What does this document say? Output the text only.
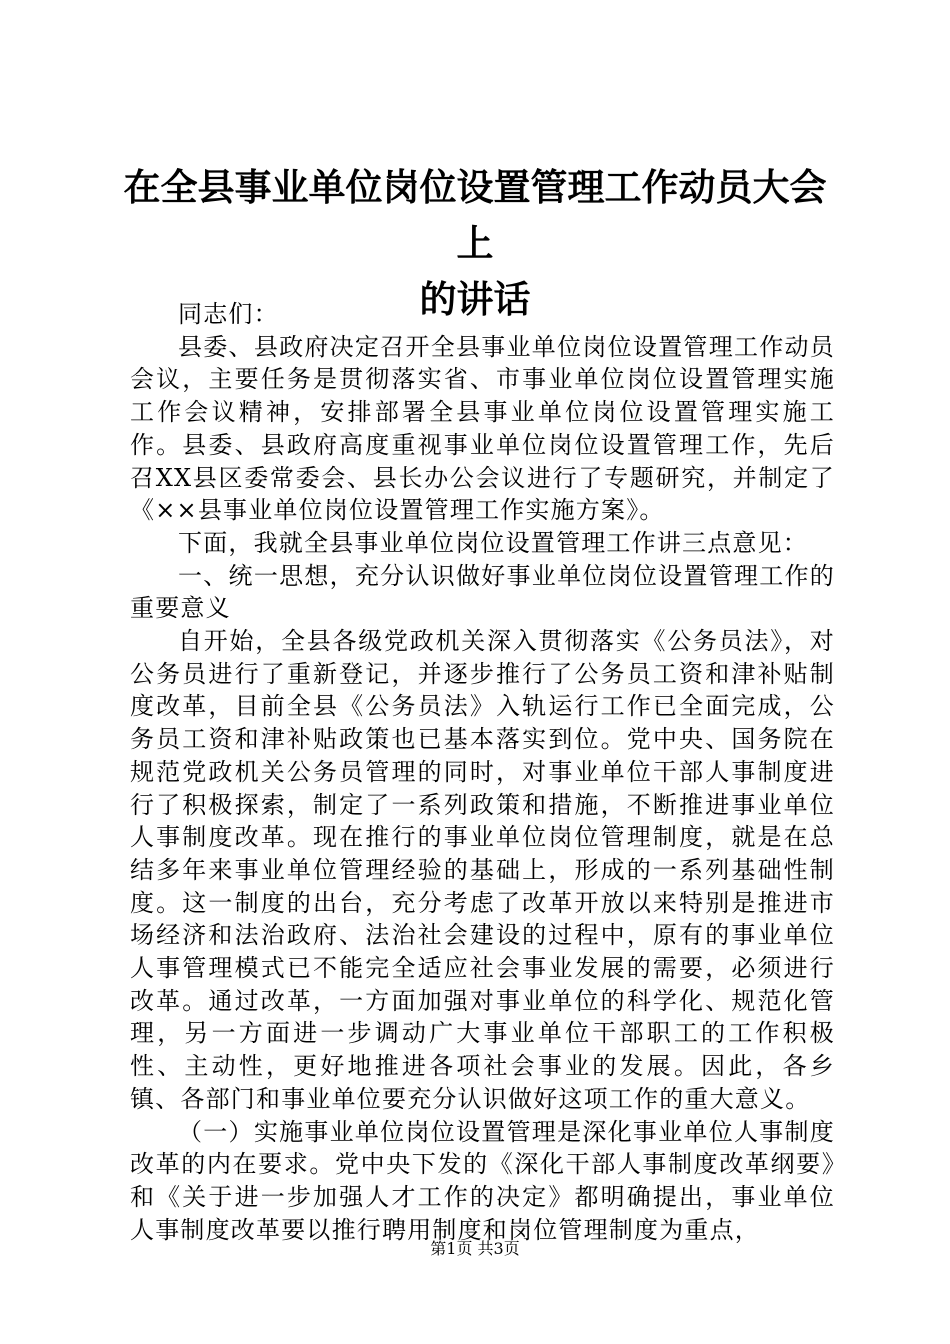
在全县事业单位岗位设置管理工作动员大会上
的讲话

同志们：

县委、县政府决定召开全县事业单位岗位设置管理工作动员会议，主要任务是贯彻落实省、市事业单位岗位设置管理实施工作会议精神，安排部署全县事业单位岗位设置管理实施工作。县委、县政府高度重视事业单位岗位设置管理工作，先后召XX县区委常委会、县长办公会议进行了专题研究，并制定了《××县事业单位岗位设置管理工作实施方案》。

下面，我就全县事业单位岗位设置管理工作讲三点意见：

一、统一思想，充分认识做好事业单位岗位设置管理工作的重要意义

自开始，全县各级党政机关深入贯彻落实《公务员法》，对公务员进行了重新登记，并逐步推行了公务员工资和津补贴制度改革，目前全县《公务员法》入轨运行工作已全面完成，公务员工资和津补贴政策也已基本落实到位。党中央、国务院在规范党政机关公务员管理的同时，对事业单位干部人事制度进行了积极探索，制定了一系列政策和措施，不断推进事业单位人事制度改革。现在推行的事业单位岗位管理制度，就是在总结多年来事业单位管理经验的基础上，形成的一系列基础性制度。这一制度的出台，充分考虑了改革开放以来特别是推进市场经济和法治政府、法治社会建设的过程中，原有的事业单位人事管理模式已不能完全适应社会事业发展的需要，必须进行改革。通过改革，一方面加强对事业单位的科学化、规范化管理，另一方面进一步调动广大事业单位干部职工的工作积极性、主动性，更好地推进各项社会事业的发展。因此，各乡镇、各部门和事业单位要充分认识做好这项工作的重大意义。

（一）实施事业单位岗位设置管理是深化事业单位人事制度改革的内在要求。党中央下发的《深化干部人事制度改革纲要》和《关于进一步加强人才工作的决定》都明确提出，事业单位人事制度改革要以推行聘用制度和岗位管理制度为重点，

第1页 共3页
